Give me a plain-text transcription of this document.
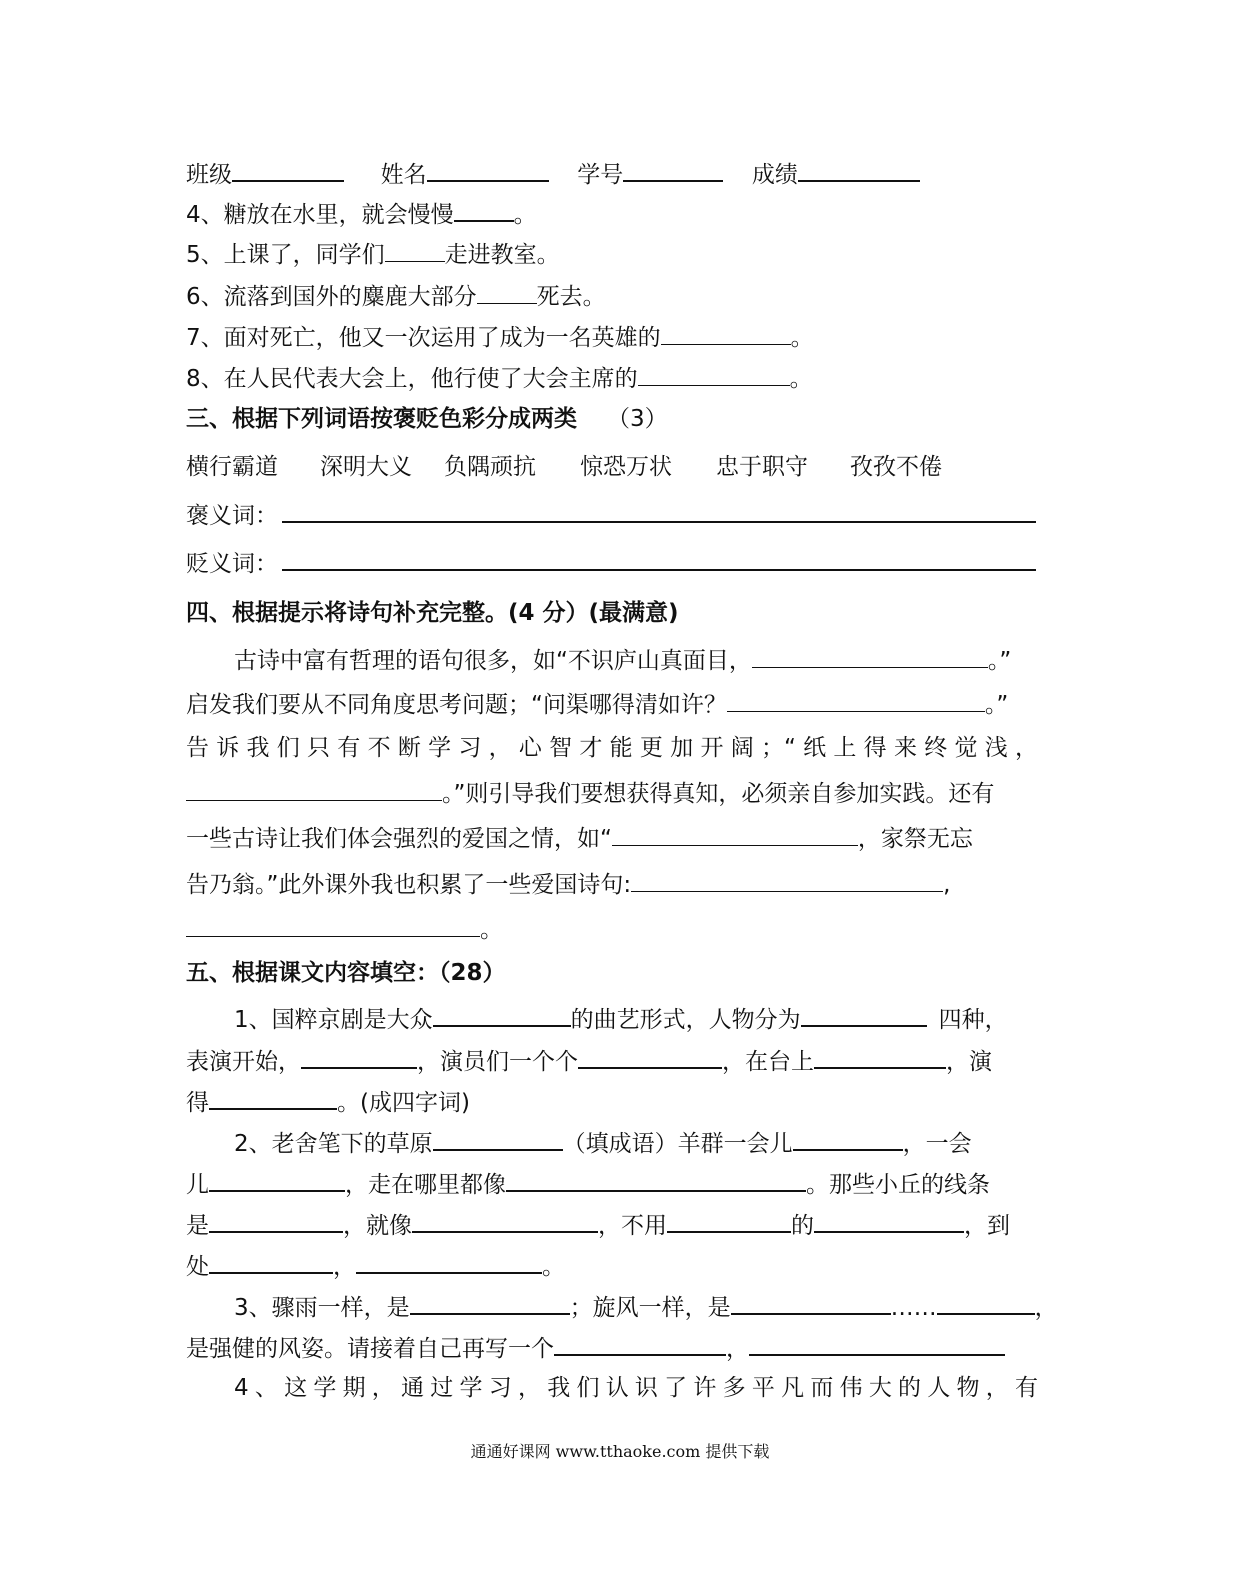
班级	姓名	学号	成绩
4、糖放在水里，就会慢慢	。
5、上课了，同学们	走进教室。
6、流落到国外的麋鹿大部分	死去。
7、面对死亡，他又一次运用了成为一名英雄的	。
8、在人民代表大会上，他行使了大会主席的	。
三、根据下列词语按褒贬色彩分成两类 （3）
横行霸道 深明大义 负隅顽抗 惊恐万状 忠于职守 孜孜不倦
褒义词：
贬义词：
四、根据提示将诗句补充完整。(4 分）(最满意)
古诗中富有哲理的语句很多，如“不识庐山真面目，	。”
启发我们要从不同角度思考问题；“问渠哪得清如许？	。”
告诉我们只有不断学习，心智才能更加开阔；“纸上得来终觉浅，
。”则引导我们要想获得真知，必须亲自参加实践。还有
一些古诗让我们体会强烈的爱国之情，如“	，家祭无忘
告乃翁。”此外课外我也积累了一些爱国诗句:	,
。
五、根据课文内容填空：（28）
1、国粹京剧是大众	的曲艺形式，人物分为	四种，
表演开始，	，演员们一个个	，在台上	，演
得	。(成四字词)
2、老舍笔下的草原	（填成语）羊群一会儿	，一会
儿	，走在哪里都像	。那些小丘的线条
是	，就像	，不用	的	，到
处	，	。
3、骤雨一样，是	；旋风一样，是	……	，
是强健的风姿。请接着自己再写一个	，
4、这学期，通过学习，我们认识了许多平凡而伟大的人物，有
通通好课网 www.tthaoke.com 提供下载
